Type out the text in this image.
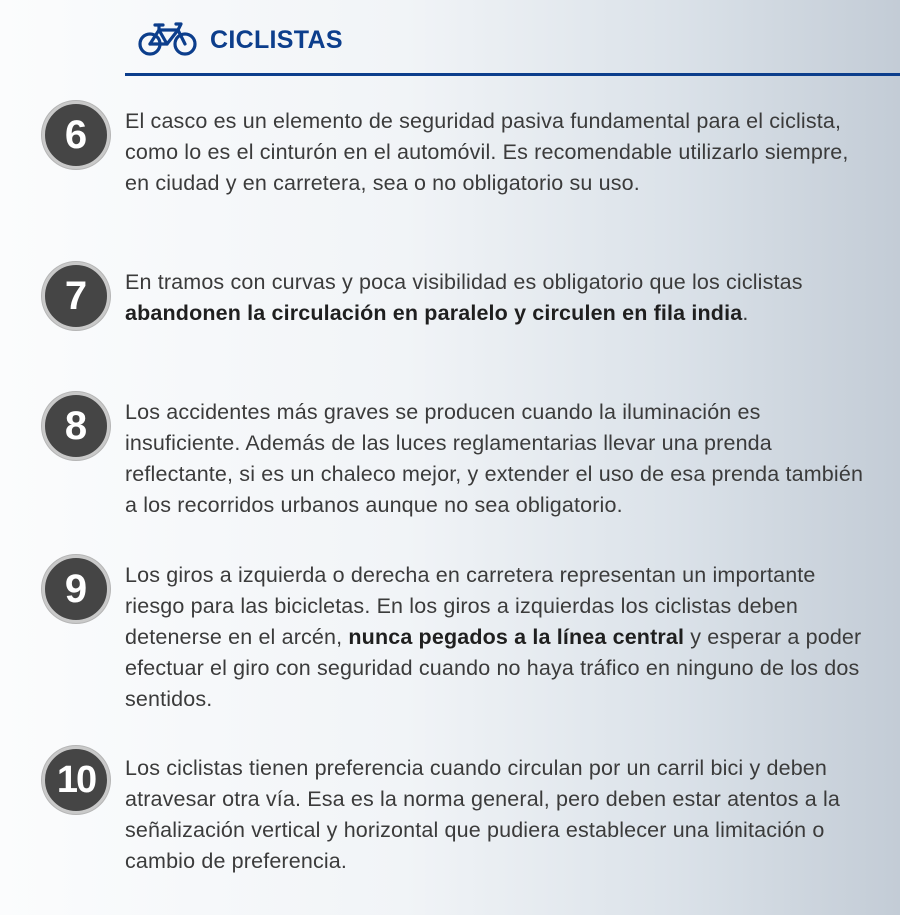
CICLISTAS
6	El casco es un elemento de seguridad pasiva fundamental para el ciclista, como lo es el cinturón en el automóvil. Es recomendable utilizarlo siempre, en ciudad y en carretera, sea o no obligatorio su uso.
7	En tramos con curvas y poca visibilidad es obligatorio que los ciclistas abandonen la circulación en paralelo y circulen en fila india.
8	Los accidentes más graves se producen cuando la iluminación es insuficiente. Además de las luces reglamentarias llevar una prenda reflectante, si es un chaleco mejor, y extender el uso de esa prenda también a los recorridos urbanos aunque no sea obligatorio.
9	Los giros a izquierda o derecha en carretera representan un importante riesgo para las bicicletas. En los giros a izquierdas los ciclistas deben detenerse en el arcén, nunca pegados a la línea central y esperar a poder efectuar el giro con seguridad cuando no haya tráfico en ninguno de los dos sentidos.
10	Los ciclistas tienen preferencia cuando circulan por un carril bici y deben atravesar otra vía. Esa es la norma general, pero deben estar atentos a la señalización vertical y horizontal que pudiera establecer una limitación o cambio de preferencia.
